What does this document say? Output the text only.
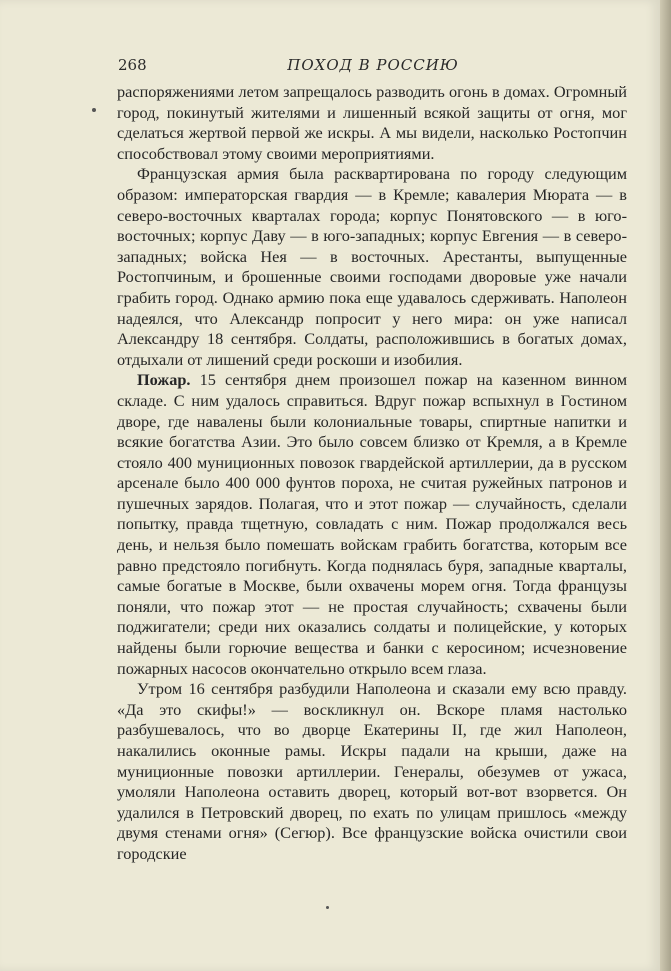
268	ПОХОД В РОССИЮ

распоряжениями летом запрещалось разводить огонь в домах. Огромный город, покинутый жителями и лишенный всякой защиты от огня, мог сделаться жертвой первой же искры. А мы видели, насколько Ростопчин способствовал этому своими мероприятиями.

Французская армия была расквартирована по городу следующим образом: императорская гвардия — в Кремле; кавалерия Мюрата — в северо-восточных кварталах города; корпус Понятовского — в юго-восточных; корпус Даву — в юго-западных; корпус Евгения — в северо-западных; войска Нея — в восточных. Арестанты, выпущенные Ростопчиным, и брошенные своими господами дворовые уже начали грабить город. Однако армию пока еще удавалось сдерживать. Наполеон надеялся, что Александр попросит у него мира: он уже написал Александру 18 сентября. Солдаты, расположившись в богатых домах, отдыхали от лишений среди роскоши и изобилия.

Пожар. 15 сентября днем произошел пожар на казенном винном складе. С ним удалось справиться. Вдруг пожар вспыхнул в Гостином дворе, где навалены были колониальные товары, спиртные напитки и всякие богатства Азии. Это было совсем близко от Кремля, а в Кремле стояло 400 муниционных повозок гвардейской артиллерии, да в русском арсенале было 400 000 фунтов пороха, не считая ружейных патронов и пушечных зарядов. Полагая, что и этот пожар — случайность, сделали попытку, правда тщетную, совладать с ним. Пожар продолжался весь день, и нельзя было помешать войскам грабить богатства, которым все равно предстояло погибнуть. Когда поднялась буря, западные кварталы, самые богатые в Москве, были охвачены морем огня. Тогда французы поняли, что пожар этот — не простая случайность; схвачены были поджигатели; среди них оказались солдаты и полицейские, у которых найдены были горючие вещества и банки с керосином; исчезновение пожарных насосов окончательно открыло всем глаза.

Утром 16 сентября разбудили Наполеона и сказали ему всю правду. «Да это скифы!» — воскликнул он. Вскоре пламя настолько разбушевалось, что во дворце Екатерины II, где жил Наполеон, накалились оконные рамы. Искры падали на крыши, даже на муниционные повозки артиллерии. Генералы, обезумев от ужаса, умоляли Наполеона оставить дворец, который вот-вот взорвется. Он удалился в Петровский дворец, по ехать по улицам пришлось «между двумя стенами огня» (Сегюр). Все французские войска очистили свои городские
